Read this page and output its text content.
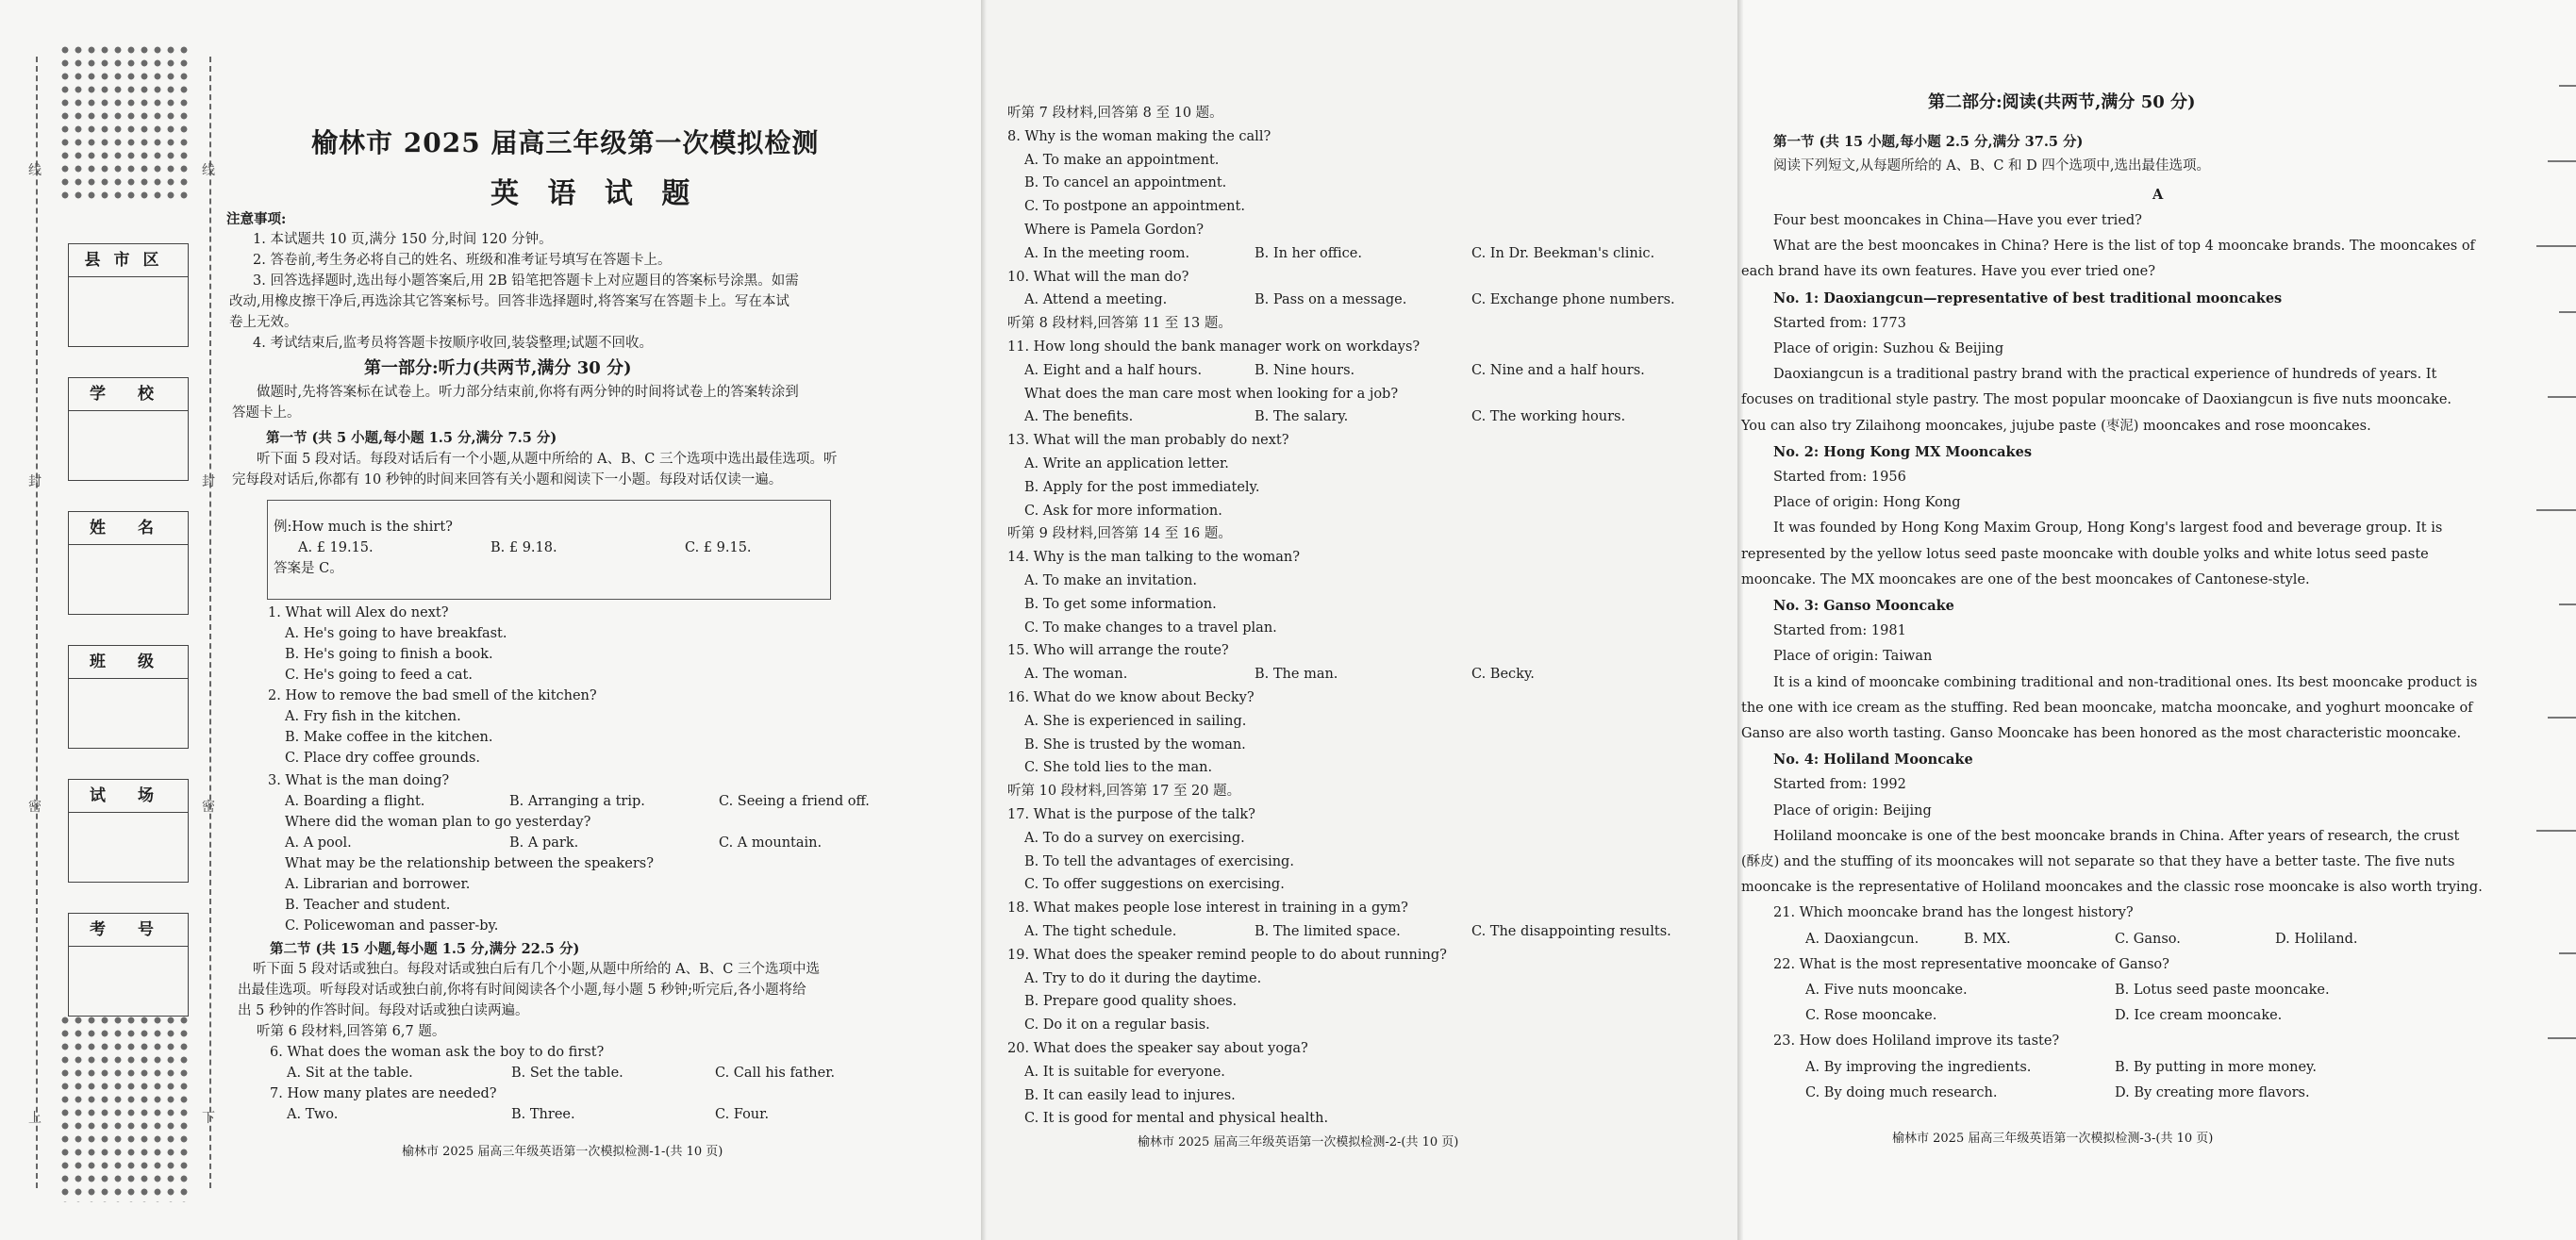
线	线
封	封
密	密
上	下
县市区
学 校
姓 名
班 级
试 场
考 号
榆林市 2025 届高三年级第一次模拟检测
英 语 试 题

注意事项:

1. 本试题共 10 页,满分 150 分,时间 120 分钟。

2. 答卷前,考生务必将自己的姓名、班级和准考证号填写在答题卡上。

3. 回答选择题时,选出每小题答案后,用 2B 铅笔把答题卡上对应题目的答案标号涂黑。如需

改动,用橡皮擦干净后,再选涂其它答案标号。回答非选择题时,将答案写在答题卡上。写在本试

卷上无效。

4. 考试结束后,监考员将答题卡按顺序收回,装袋整理;试题不回收。

第一部分:听力(共两节,满分 30 分)

做题时,先将答案标在试卷上。听力部分结束前,你将有两分钟的时间将试卷上的答案转涂到

答题卡上。

第一节 (共 5 小题,每小题 1.5 分,满分 7.5 分)

听下面 5 段对话。每段对话后有一个小题,从题中所给的 A、B、C 三个选项中选出最佳选项。听

完每段对话后,你都有 10 秒钟的时间来回答有关小题和阅读下一小题。每段对话仅读一遍。

例:How much is the shirt?

A. £ 19.15.	B. £ 9.18.	C. £ 9.15.

答案是 C。

1. What will Alex do next?

A. He's going to have breakfast.

B. He's going to finish a book.

C. He's going to feed a cat.

2. How to remove the bad smell of the kitchen?

A. Fry fish in the kitchen.

B. Make coffee in the kitchen.

C. Place dry coffee grounds.

3. What is the man doing?

A. Boarding a flight.	B. Arranging a trip.	C. Seeing a friend off.

Where did the woman plan to go yesterday?

A. A pool.	B. A park.	C. A mountain.

What may be the relationship between the speakers?

A. Librarian and borrower.

B. Teacher and student.

C. Policewoman and passer-by.

第二节 (共 15 小题,每小题 1.5 分,满分 22.5 分)

听下面 5 段对话或独白。每段对话或独白后有几个小题,从题中所给的 A、B、C 三个选项中选

出最佳选项。听每段对话或独白前,你将有时间阅读各个小题,每小题 5 秒钟;听完后,各小题将给

出 5 秒钟的作答时间。每段对话或独白读两遍。

听第 6 段材料,回答第 6,7 题。

6. What does the woman ask the boy to do first?

A. Sit at the table.	B. Set the table.	C. Call his father.

7. How many plates are needed?

A. Two.	B. Three.	C. Four.

榆林市 2025 届高三年级英语第一次模拟检测-1-(共 10 页)

听第 7 段材料,回答第 8 至 10 题。

8. Why is the woman making the call?

A. To make an appointment.

B. To cancel an appointment.

C. To postpone an appointment.

Where is Pamela Gordon?

A. In the meeting room.	B. In her office.	C. In Dr. Beekman's clinic.

10. What will the man do?

A. Attend a meeting.	B. Pass on a message.	C. Exchange phone numbers.

听第 8 段材料,回答第 11 至 13 题。

11. How long should the bank manager work on workdays?

A. Eight and a half hours.	B. Nine hours.	C. Nine and a half hours.

What does the man care most when looking for a job?

A. The benefits.	B. The salary.	C. The working hours.

13. What will the man probably do next?

A. Write an application letter.

B. Apply for the post immediately.

C. Ask for more information.

听第 9 段材料,回答第 14 至 16 题。

14. Why is the man talking to the woman?

A. To make an invitation.

B. To get some information.

C. To make changes to a travel plan.

15. Who will arrange the route?

A. The woman.	B. The man.	C. Becky.

16. What do we know about Becky?

A. She is experienced in sailing.

B. She is trusted by the woman.

C. She told lies to the man.

听第 10 段材料,回答第 17 至 20 题。

17. What is the purpose of the talk?

A. To do a survey on exercising.

B. To tell the advantages of exercising.

C. To offer suggestions on exercising.

18. What makes people lose interest in training in a gym?

A. The tight schedule.	B. The limited space.	C. The disappointing results.

19. What does the speaker remind people to do about running?

A. Try to do it during the daytime.

B. Prepare good quality shoes.

C. Do it on a regular basis.

20. What does the speaker say about yoga?

A. It is suitable for everyone.

B. It can easily lead to injures.

C. It is good for mental and physical health.

榆林市 2025 届高三年级英语第一次模拟检测-2-(共 10 页)

第二部分:阅读(共两节,满分 50 分)

第一节 (共 15 小题,每小题 2.5 分,满分 37.5 分)

阅读下列短文,从每题所给的 A、B、C 和 D 四个选项中,选出最佳选项。

A

Four best mooncakes in China—Have you ever tried?

What are the best mooncakes in China? Here is the list of top 4 mooncake brands. The mooncakes of

each brand have its own features. Have you ever tried one?

No. 1: Daoxiangcun—representative of best traditional mooncakes

Started from: 1773

Place of origin: Suzhou & Beijing

Daoxiangcun is a traditional pastry brand with the practical experience of hundreds of years. It

focuses on traditional style pastry. The most popular mooncake of Daoxiangcun is five nuts mooncake.

You can also try Zilaihong mooncakes, jujube paste (枣泥) mooncakes and rose mooncakes.

No. 2: Hong Kong MX Mooncakes

Started from: 1956

Place of origin: Hong Kong

It was founded by Hong Kong Maxim Group, Hong Kong's largest food and beverage group. It is

represented by the yellow lotus seed paste mooncake with double yolks and white lotus seed paste

mooncake. The MX mooncakes are one of the best mooncakes of Cantonese-style.

No. 3: Ganso Mooncake

Started from: 1981

Place of origin: Taiwan

It is a kind of mooncake combining traditional and non-traditional ones. Its best mooncake product is

the one with ice cream as the stuffing. Red bean mooncake, matcha mooncake, and yoghurt mooncake of

Ganso are also worth tasting. Ganso Mooncake has been honored as the most characteristic mooncake.

No. 4: Holiland Mooncake

Started from: 1992

Place of origin: Beijing

Holiland mooncake is one of the best mooncake brands in China. After years of research, the crust

(酥皮) and the stuffing of its mooncakes will not separate so that they have a better taste. The five nuts

mooncake is the representative of Holiland mooncakes and the classic rose mooncake is also worth trying.

21. Which mooncake brand has the longest history?

A. Daoxiangcun.	B. MX.	C. Ganso.	D. Holiland.

22. What is the most representative mooncake of Ganso?

A. Five nuts mooncake.	B. Lotus seed paste mooncake.

C. Rose mooncake.	D. Ice cream mooncake.

23. How does Holiland improve its taste?

A. By improving the ingredients.	B. By putting in more money.

C. By doing much research.	D. By creating more flavors.

榆林市 2025 届高三年级英语第一次模拟检测-3-(共 10 页)
